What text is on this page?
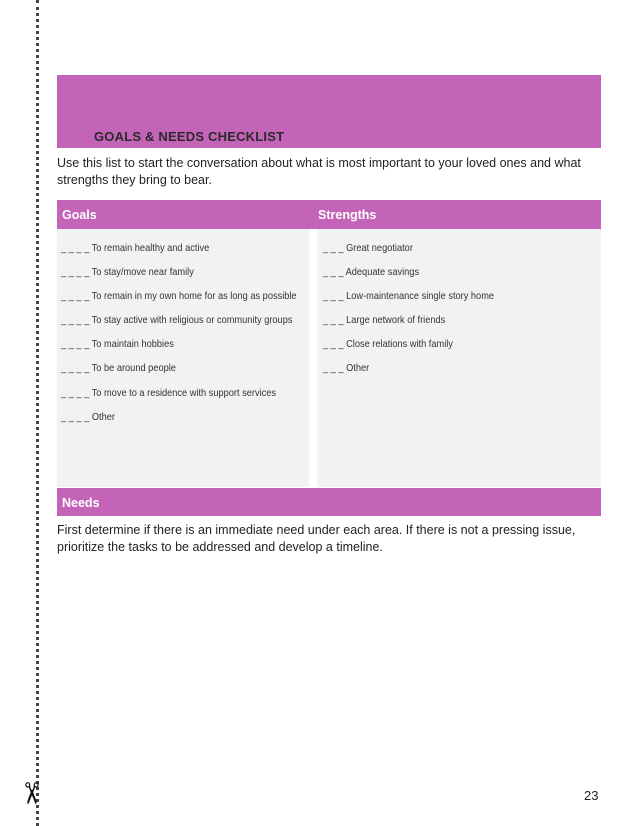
✂
GOALS & NEEDS CHECKLIST
Use this list to start the conversation about what is most important to your loved ones and what strengths they bring to bear.
Goals	Strengths
_ _ _ _ To remain healthy and active
_ _ _ _ To stay/move near family
_ _ _ _ To remain in my own home for as long as possible
_ _ _ _ To stay active with religious or community groups
_ _ _ _ To maintain hobbies
_ _ _ _ To be around people
_ _ _ _ To move to a residence with support services
_ _ _ _ Other
_ _ _ Great negotiator
_ _ _ Adequate savings
_ _ _ Low-maintenance single story home
_ _ _ Large network of friends
_ _ _ Close relations with family
_ _ _ Other
Needs
First determine if there is an immediate need under each area. If there is not a pressing issue, prioritize the tasks to be addressed and develop a timeline.
23
